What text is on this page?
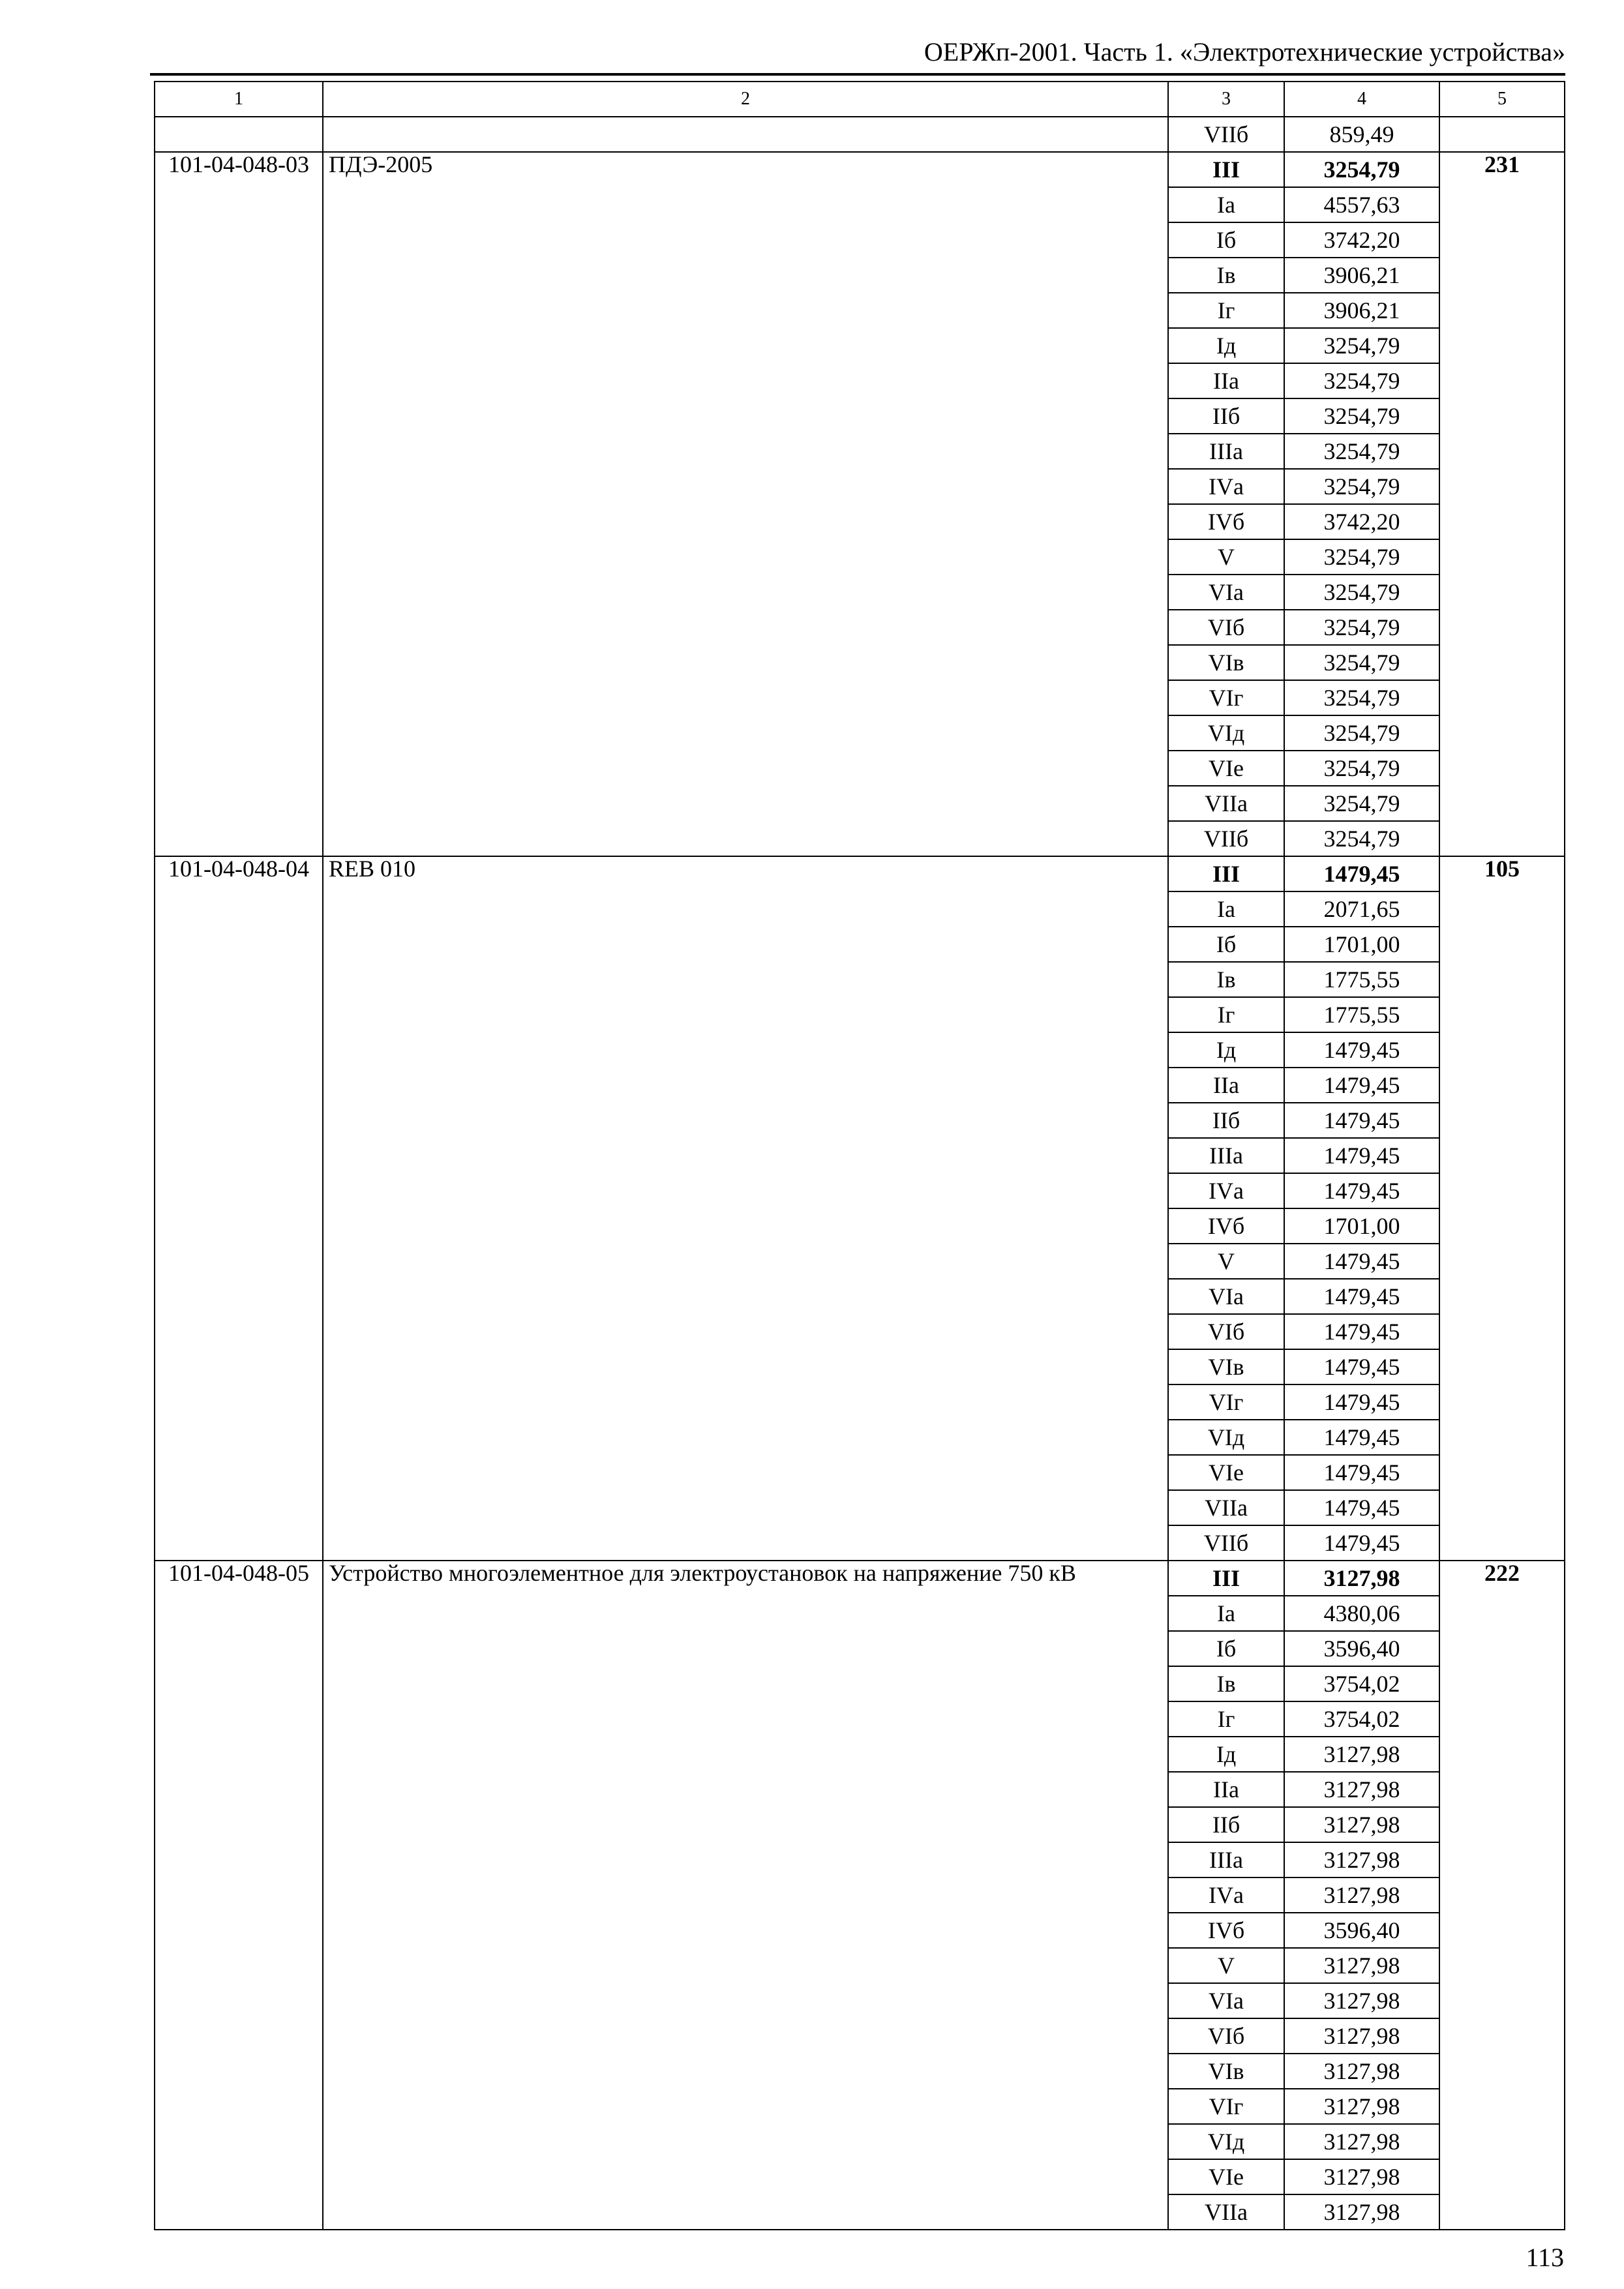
ОЕРЖп-2001. Часть 1. «Электротехнические устройства»
1	2	3	4	5
		VIIб	859,49	
101-04-048-03	ПДЭ-2005	III	3254,79	231
		Iа	4557,63	
		Iб	3742,20	
		Iв	3906,21	
		Iг	3906,21	
		Iд	3254,79	
		IIа	3254,79	
		IIб	3254,79	
		IIIа	3254,79	
		IVа	3254,79	
		IVб	3742,20	
		V	3254,79	
		VIа	3254,79	
		VIб	3254,79	
		VIв	3254,79	
		VIг	3254,79	
		VIд	3254,79	
		VIе	3254,79	
		VIIа	3254,79	
		VIIб	3254,79	
101-04-048-04	REB 010	III	1479,45	105
		Iа	2071,65	
		Iб	1701,00	
		Iв	1775,55	
		Iг	1775,55	
		Iд	1479,45	
		IIа	1479,45	
		IIб	1479,45	
		IIIа	1479,45	
		IVа	1479,45	
		IVб	1701,00	
		V	1479,45	
		VIа	1479,45	
		VIб	1479,45	
		VIв	1479,45	
		VIг	1479,45	
		VIд	1479,45	
		VIе	1479,45	
		VIIа	1479,45	
		VIIб	1479,45	
101-04-048-05	Устройство многоэлементное для электроустановок на напряжение 750 кВ	III	3127,98	222
		Iа	4380,06	
		Iб	3596,40	
		Iв	3754,02	
		Iг	3754,02	
		Iд	3127,98	
		IIа	3127,98	
		IIб	3127,98	
		IIIа	3127,98	
		IVа	3127,98	
		IVб	3596,40	
		V	3127,98	
		VIа	3127,98	
		VIб	3127,98	
		VIв	3127,98	
		VIг	3127,98	
		VIд	3127,98	
		VIе	3127,98	
		VIIа	3127,98	
113
